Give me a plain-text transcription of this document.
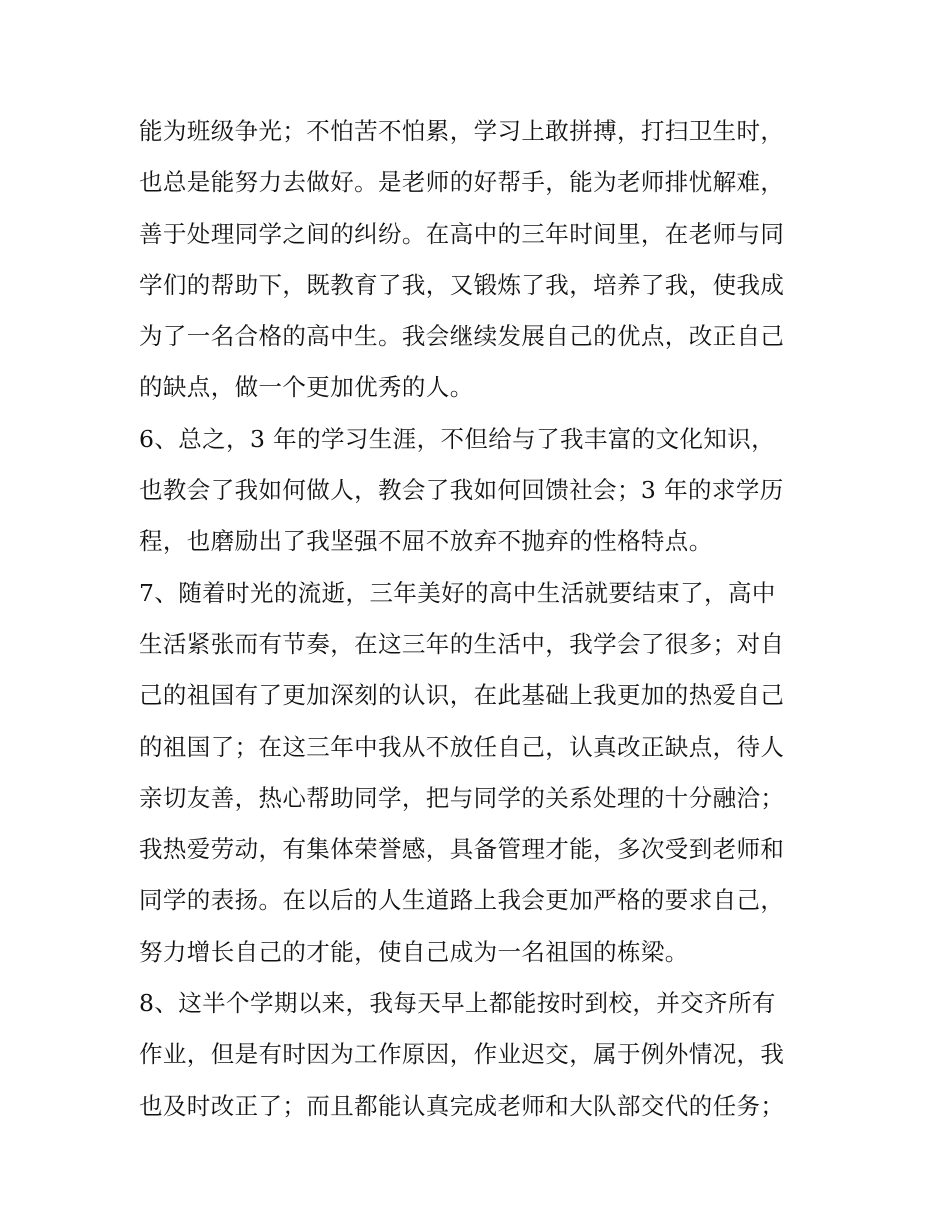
能为班级争光；不怕苦不怕累，学习上敢拼搏，打扫卫生时，
也总是能努力去做好。是老师的好帮手，能为老师排忧解难，
善于处理同学之间的纠纷。在高中的三年时间里，在老师与同
学们的帮助下，既教育了我，又锻炼了我，培养了我，使我成
为了一名合格的高中生。我会继续发展自己的优点，改正自己
的缺点，做一个更加优秀的人。
6、总之，3 年的学习生涯，不但给与了我丰富的文化知识，
也教会了我如何做人，教会了我如何回馈社会；3 年的求学历
程，也磨励出了我坚强不屈不放弃不抛弃的性格特点。
7、随着时光的流逝，三年美好的高中生活就要结束了，高中
生活紧张而有节奏，在这三年的生活中，我学会了很多；对自
己的祖国有了更加深刻的认识，在此基础上我更加的热爱自己
的祖国了；在这三年中我从不放任自己，认真改正缺点，待人
亲切友善，热心帮助同学，把与同学的关系处理的十分融洽；
我热爱劳动，有集体荣誉感，具备管理才能，多次受到老师和
同学的表扬。在以后的人生道路上我会更加严格的要求自己，
努力增长自己的才能，使自己成为一名祖国的栋梁。
8、这半个学期以来，我每天早上都能按时到校，并交齐所有
作业，但是有时因为工作原因，作业迟交，属于例外情况，我
也及时改正了；而且都能认真完成老师和大队部交代的任务；
